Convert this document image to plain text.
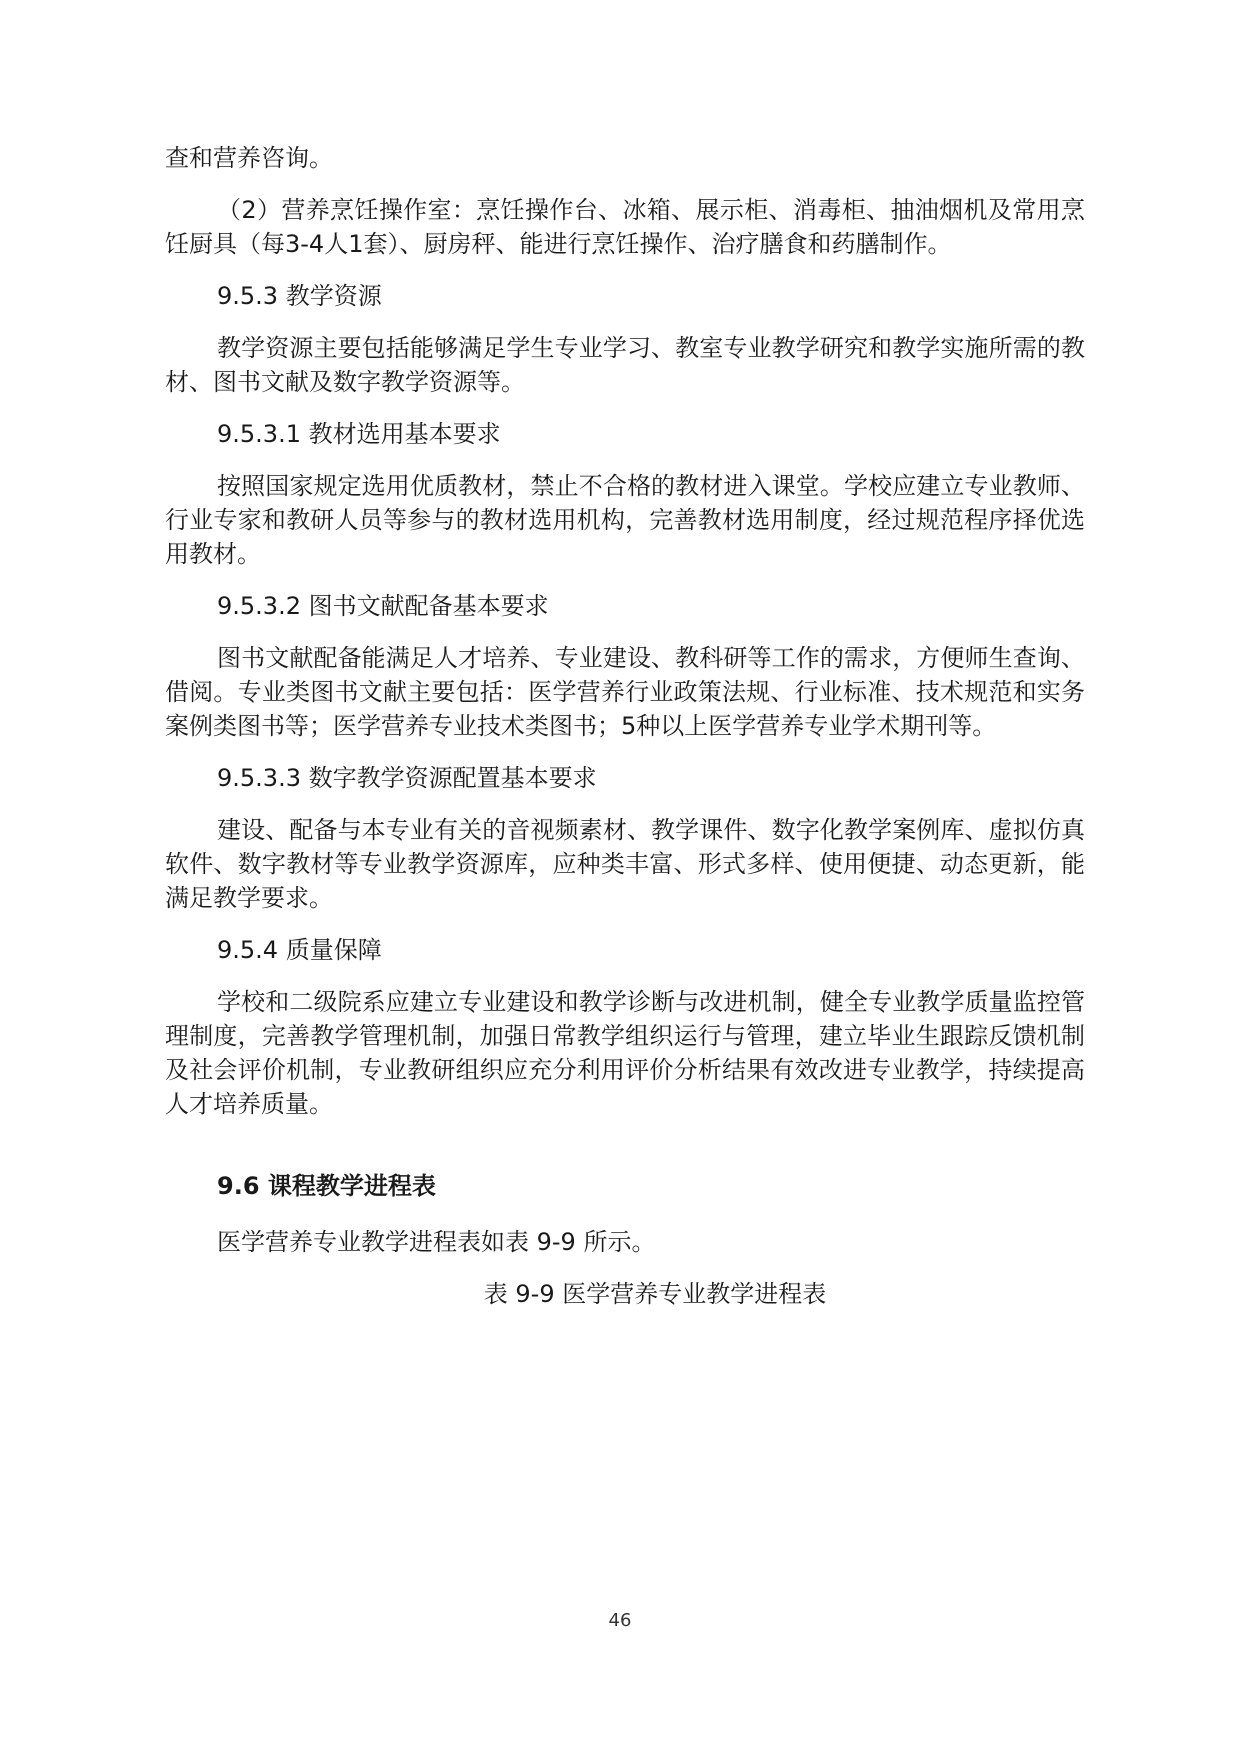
查和营养咨询。

（2）营养烹饪操作室：烹饪操作台、冰箱、展示柜、消毒柜、抽油烟机及常用烹饪厨具（每3-4人1套）、厨房秤、能进行烹饪操作、治疗膳食和药膳制作。

9.5.3 教学资源

教学资源主要包括能够满足学生专业学习、教室专业教学研究和教学实施所需的教材、图书文献及数字教学资源等。

9.5.3.1 教材选用基本要求

按照国家规定选用优质教材，禁止不合格的教材进入课堂。学校应建立专业教师、行业专家和教研人员等参与的教材选用机构，完善教材选用制度，经过规范程序择优选用教材。

9.5.3.2 图书文献配备基本要求

图书文献配备能满足人才培养、专业建设、教科研等工作的需求，方便师生查询、借阅。专业类图书文献主要包括：医学营养行业政策法规、行业标准、技术规范和实务案例类图书等；医学营养专业技术类图书；5种以上医学营养专业学术期刊等。

9.5.3.3 数字教学资源配置基本要求

建设、配备与本专业有关的音视频素材、教学课件、数字化教学案例库、虚拟仿真软件、数字教材等专业教学资源库，应种类丰富、形式多样、使用便捷、动态更新，能满足教学要求。

9.5.4 质量保障

学校和二级院系应建立专业建设和教学诊断与改进机制，健全专业教学质量监控管理制度，完善教学管理机制，加强日常教学组织运行与管理，建立毕业生跟踪反馈机制及社会评价机制，专业教研组织应充分利用评价分析结果有效改进专业教学，持续提高人才培养质量。

9.6 课程教学进程表

医学营养专业教学进程表如表 9-9 所示。

表 9-9 医学营养专业教学进程表

46
